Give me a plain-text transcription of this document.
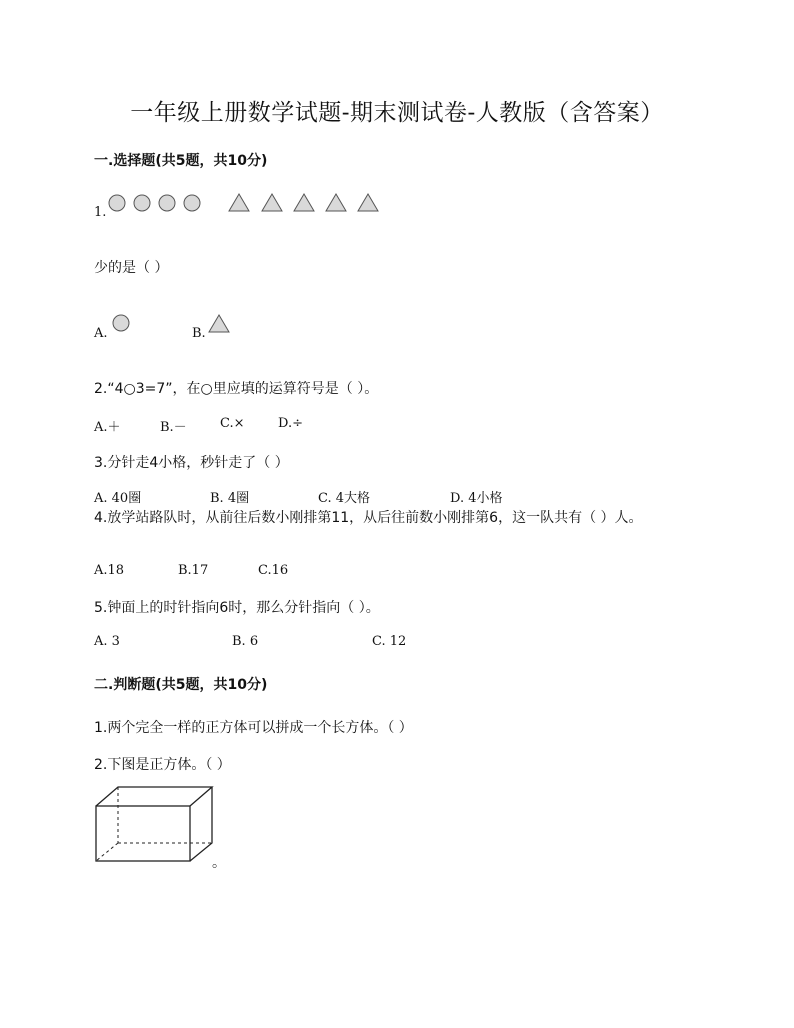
一年级上册数学试题-期末测试卷-人教版（含答案）
一.选择题(共5题，共10分)
1.
少的是（ ）
A.	B.
2.“4○3=7”，在○里应填的运算符号是（ ）。
A.＋	B.－	C.×	D.÷
3.分针走4小格，秒针走了（ ）
A. 40圈	B. 4圈	C. 4大格	D. 4小格
4.放学站路队时，从前往后数小刚排第11，从后往前数小刚排第6，这一队共有（ ）人。
A.18	B.17	C.16
5.钟面上的时针指向6时，那么分针指向（ ）。
A. 3	B. 6	C. 12
二.判断题(共5题，共10分)
1.两个完全一样的正方体可以拼成一个长方体。（ ）
2.下图是正方体。（ ）
。
